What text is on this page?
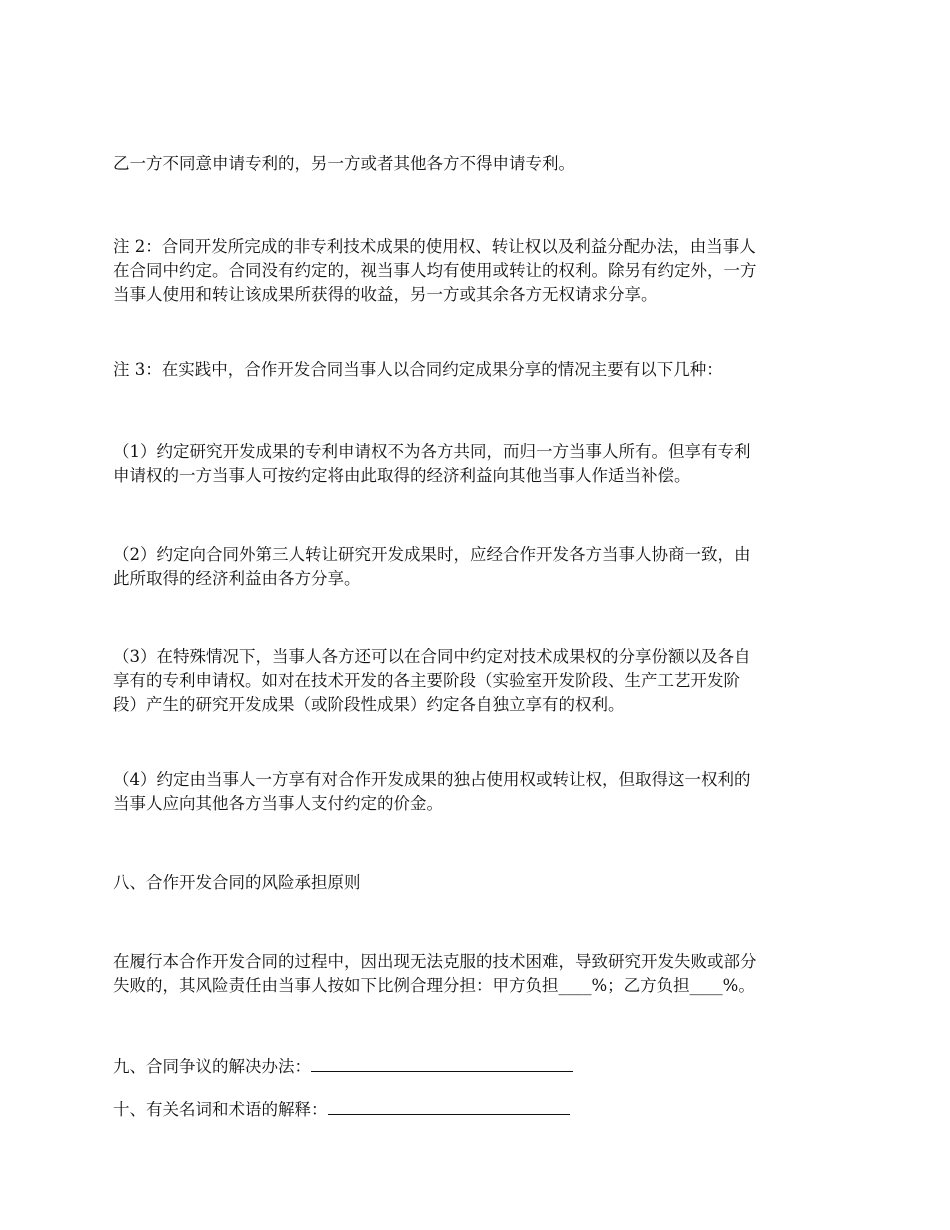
乙一方不同意申请专利的，另一方或者其他各方不得申请专利。

注 2：合同开发所完成的非专利技术成果的使用权、转让权以及利益分配办法，由当事人
在合同中约定。合同没有约定的，视当事人均有使用或转让的权利。除另有约定外，一方
当事人使用和转让该成果所获得的收益，另一方或其余各方无权请求分享。

注 3：在实践中，合作开发合同当事人以合同约定成果分享的情况主要有以下几种：

（1）约定研究开发成果的专利申请权不为各方共同，而归一方当事人所有。但享有专利
申请权的一方当事人可按约定将由此取得的经济利益向其他当事人作适当补偿。

（2）约定向合同外第三人转让研究开发成果时，应经合作开发各方当事人协商一致，由
此所取得的经济利益由各方分享。

（3）在特殊情况下，当事人各方还可以在合同中约定对技术成果权的分享份额以及各自
享有的专利申请权。如对在技术开发的各主要阶段（实验室开发阶段、生产工艺开发阶
段）产生的研究开发成果（或阶段性成果）约定各自独立享有的权利。

（4）约定由当事人一方享有对合作开发成果的独占使用权或转让权，但取得这一权利的
当事人应向其他各方当事人支付约定的价金。

八、合作开发合同的风险承担原则

在履行本合作开发合同的过程中，因出现无法克服的技术困难，导致研究开发失败或部分
失败的，其风险责任由当事人按如下比例合理分担：甲方负担____%；乙方负担____%。

九、合同争议的解决办法：

十、有关名词和术语的解释：
